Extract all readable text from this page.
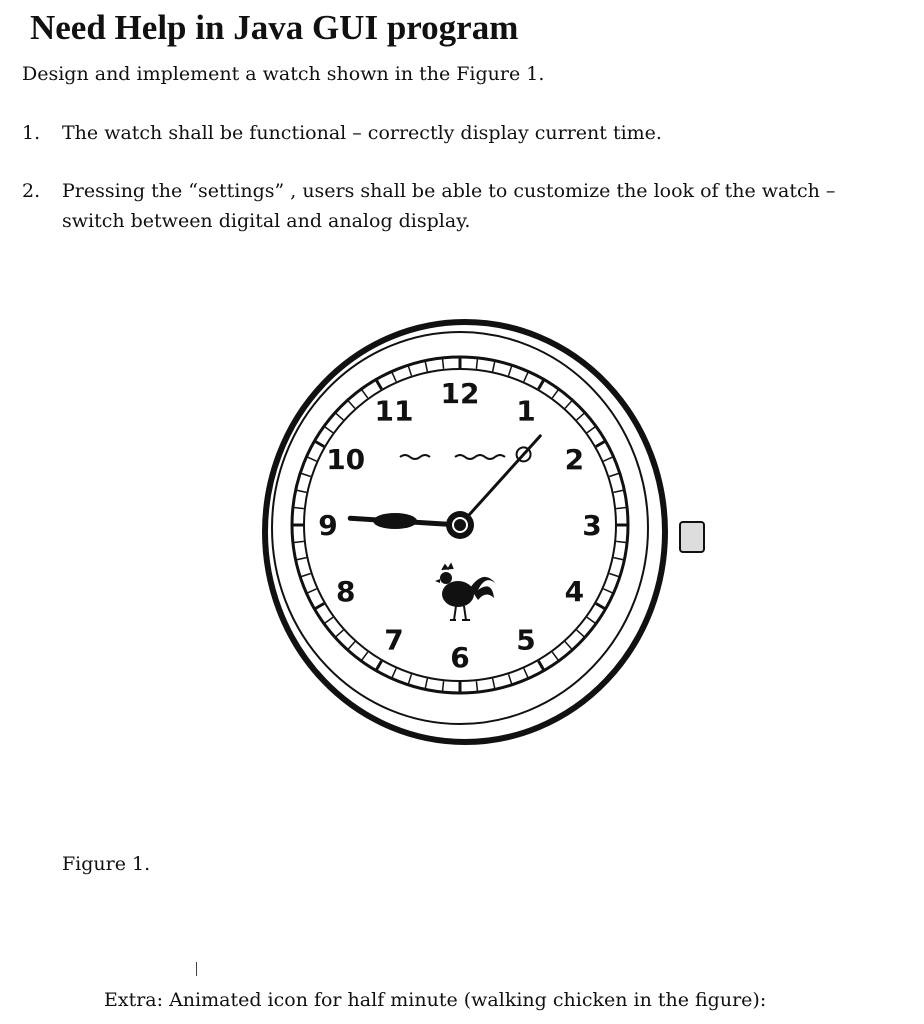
Need Help in Java GUI program
Design and implement a watch shown in the Figure 1.
1. The watch shall be functional – correctly display current time.
2. Pressing the “settings” , users shall be able to customize the look of the watch – switch between digital and analog display.
12
1
2
3
4
5
6
7
8
9
10
11
Figure 1.
Extra: Animated icon for half minute (walking chicken in the figure):
